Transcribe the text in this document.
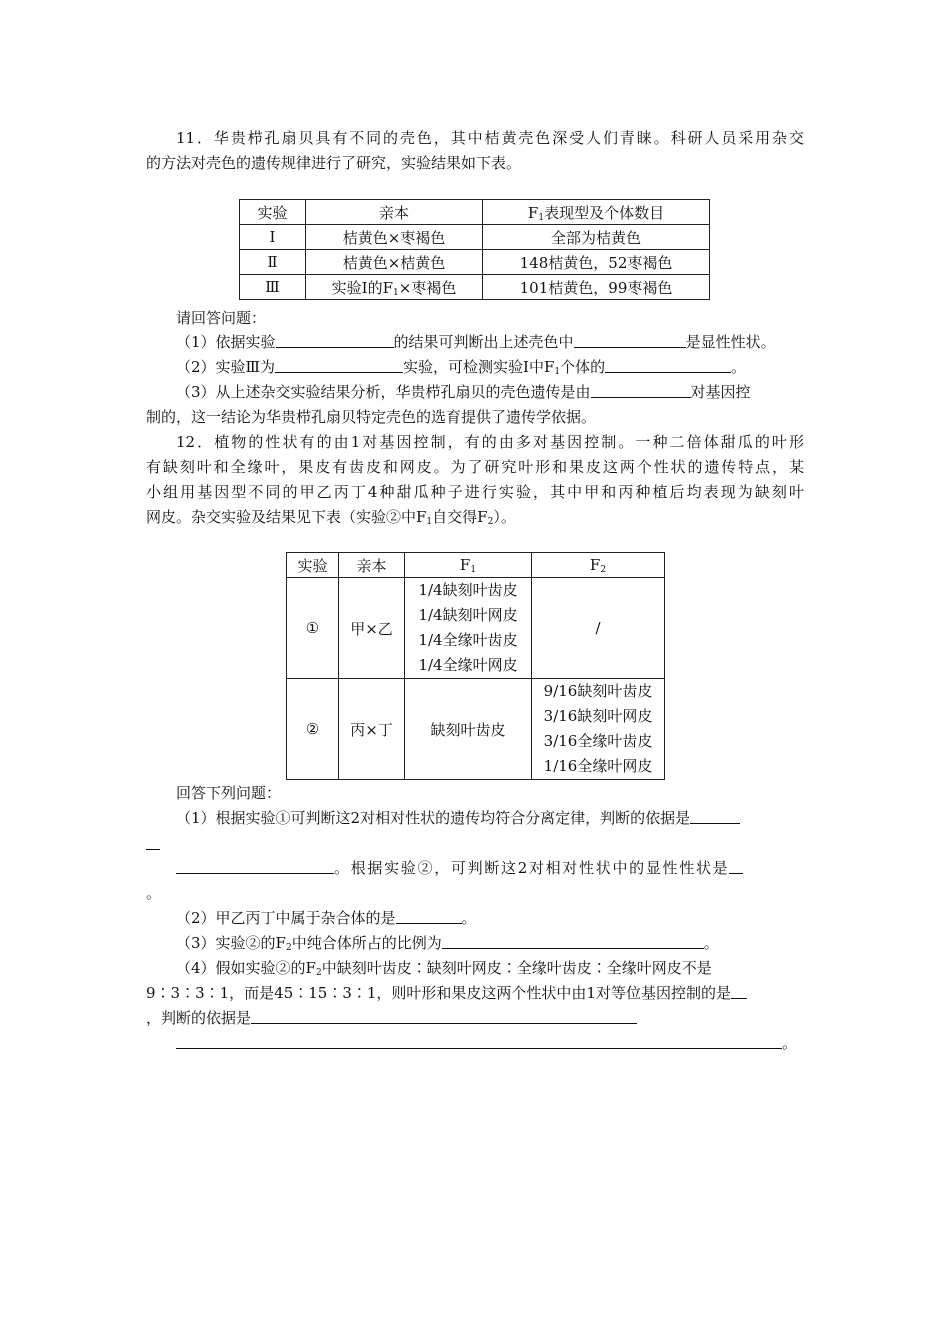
11．华贵栉孔扇贝具有不同的壳色，其中桔黄壳色深受人们青睐。科研人员采用杂交
的方法对壳色的遗传规律进行了研究，实验结果如下表。
实验	亲本	$F_1$表现型及个体数目
Ⅰ	桔黄色×枣褐色	全部为桔黄色
Ⅱ	桔黄色×桔黄色	148桔黄色，52枣褐色
Ⅲ	实验Ⅰ的$F_1\times$枣褐色	101桔黄色，99枣褐色
请回答问题：
（1）依据实验	的结果可判断出上述壳色中	是显性性状。
（2）实验Ⅲ为	实验，可检测实验Ⅰ中$F_1$个体的	。
（3）从上述杂交实验结果分析，华贵栉孔扇贝的壳色遗传是由	对基因控
制的，这一结论为华贵栉孔扇贝特定壳色的选育提供了遗传学依据。
12．植物的性状有的由1对基因控制，有的由多对基因控制。一种二倍体甜瓜的叶形
有缺刻叶和全缘叶，果皮有齿皮和网皮。为了研究叶形和果皮这两个性状的遗传特点，某
小组用基因型不同的甲乙丙丁4种甜瓜种子进行实验，其中甲和丙种植后均表现为缺刻叶
网皮。杂交实验及结果见下表（实验②中$F_1$自交得$F_2$）。
实验	亲本	$F_1$	$F_2$
①	甲×乙	1/4缺刻叶齿皮
1/4缺刻叶网皮
1/4全缘叶齿皮
1/4全缘叶网皮	/
②	丙×丁	缺刻叶齿皮	9/16缺刻叶齿皮
3/16缺刻叶网皮
3/16全缘叶齿皮
1/16全缘叶网皮
回答下列问题：
（1）根据实验①可判断这2对相对性状的遗传均符合分离定律，判断的依据是
。根据实验②，可判断这2对相对性状中的显性性状是
。
（2）甲乙丙丁中属于杂合体的是	。
（3）实验②的$F_2$中纯合体所占的比例为	。
（4）假如实验②的$F_2$中缺刻叶齿皮∶缺刻叶网皮∶全缘叶齿皮∶全缘叶网皮不是
9∶3∶3∶1，而是45∶15∶3∶1，则叶形和果皮这两个性状中由1对等位基因控制的是
，判断的依据是
。
